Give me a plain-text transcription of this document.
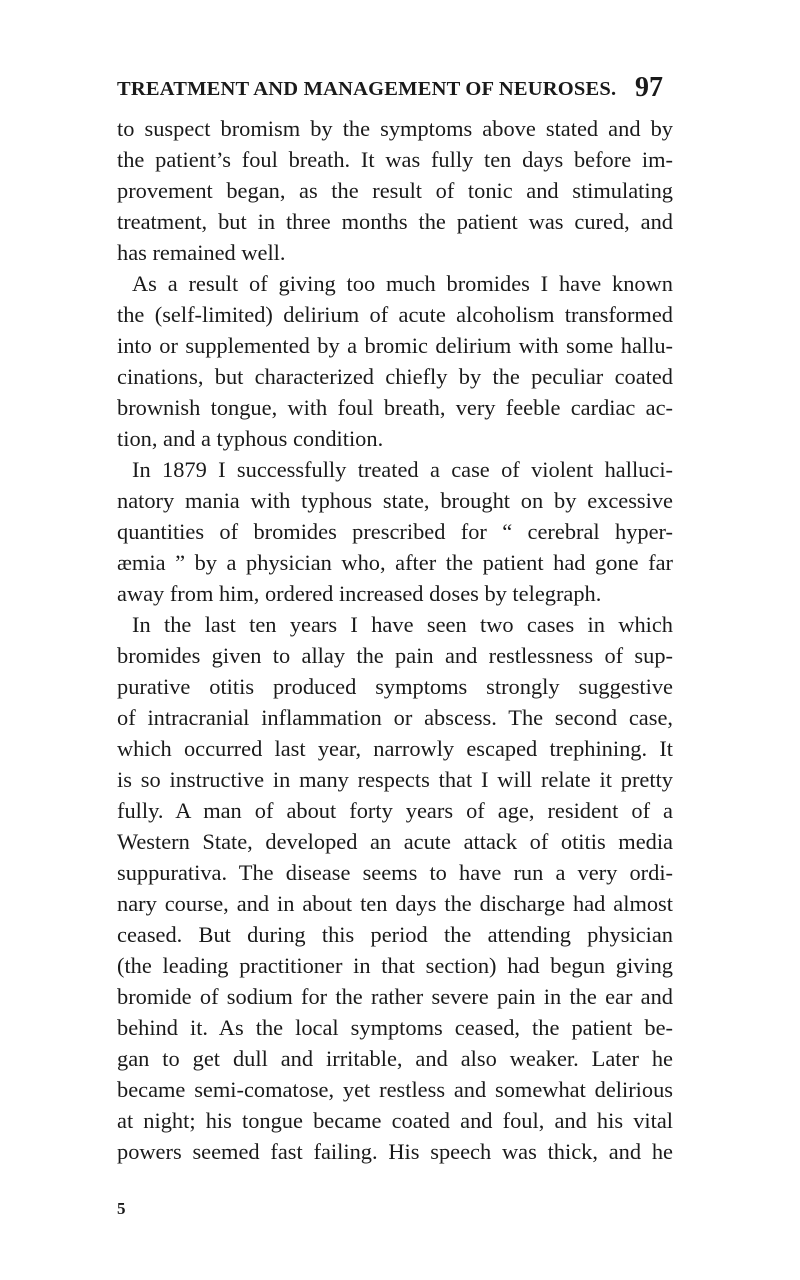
TREATMENT AND MANAGEMENT OF NEUROSES. 97
to suspect bromism by the symptoms above stated and by
the patient’s foul breath. It was fully ten days before im-
provement began, as the result of tonic and stimulating
treatment, but in three months the patient was cured, and
has remained well.
As a result of giving too much bromides I have known
the (self-limited) delirium of acute alcoholism transformed
into or supplemented by a bromic delirium with some hallu-
cinations, but characterized chiefly by the peculiar coated
brownish tongue, with foul breath, very feeble cardiac ac-
tion, and a typhous condition.
In 1879 I successfully treated a case of violent halluci-
natory mania with typhous state, brought on by excessive
quantities of bromides prescribed for “ cerebral hyper-
æmia ” by a physician who, after the patient had gone far
away from him, ordered increased doses by telegraph.
In the last ten years I have seen two cases in which
bromides given to allay the pain and restlessness of sup-
purative otitis produced symptoms strongly suggestive
of intracranial inflammation or abscess. The second case,
which occurred last year, narrowly escaped trephining. It
is so instructive in many respects that I will relate it pretty
fully. A man of about forty years of age, resident of a
Western State, developed an acute attack of otitis media
suppurativa. The disease seems to have run a very ordi-
nary course, and in about ten days the discharge had almost
ceased. But during this period the attending physician
(the leading practitioner in that section) had begun giving
bromide of sodium for the rather severe pain in the ear and
behind it. As the local symptoms ceased, the patient be-
gan to get dull and irritable, and also weaker. Later he
became semi-comatose, yet restless and somewhat delirious
at night; his tongue became coated and foul, and his vital
powers seemed fast failing. His speech was thick, and he
5
